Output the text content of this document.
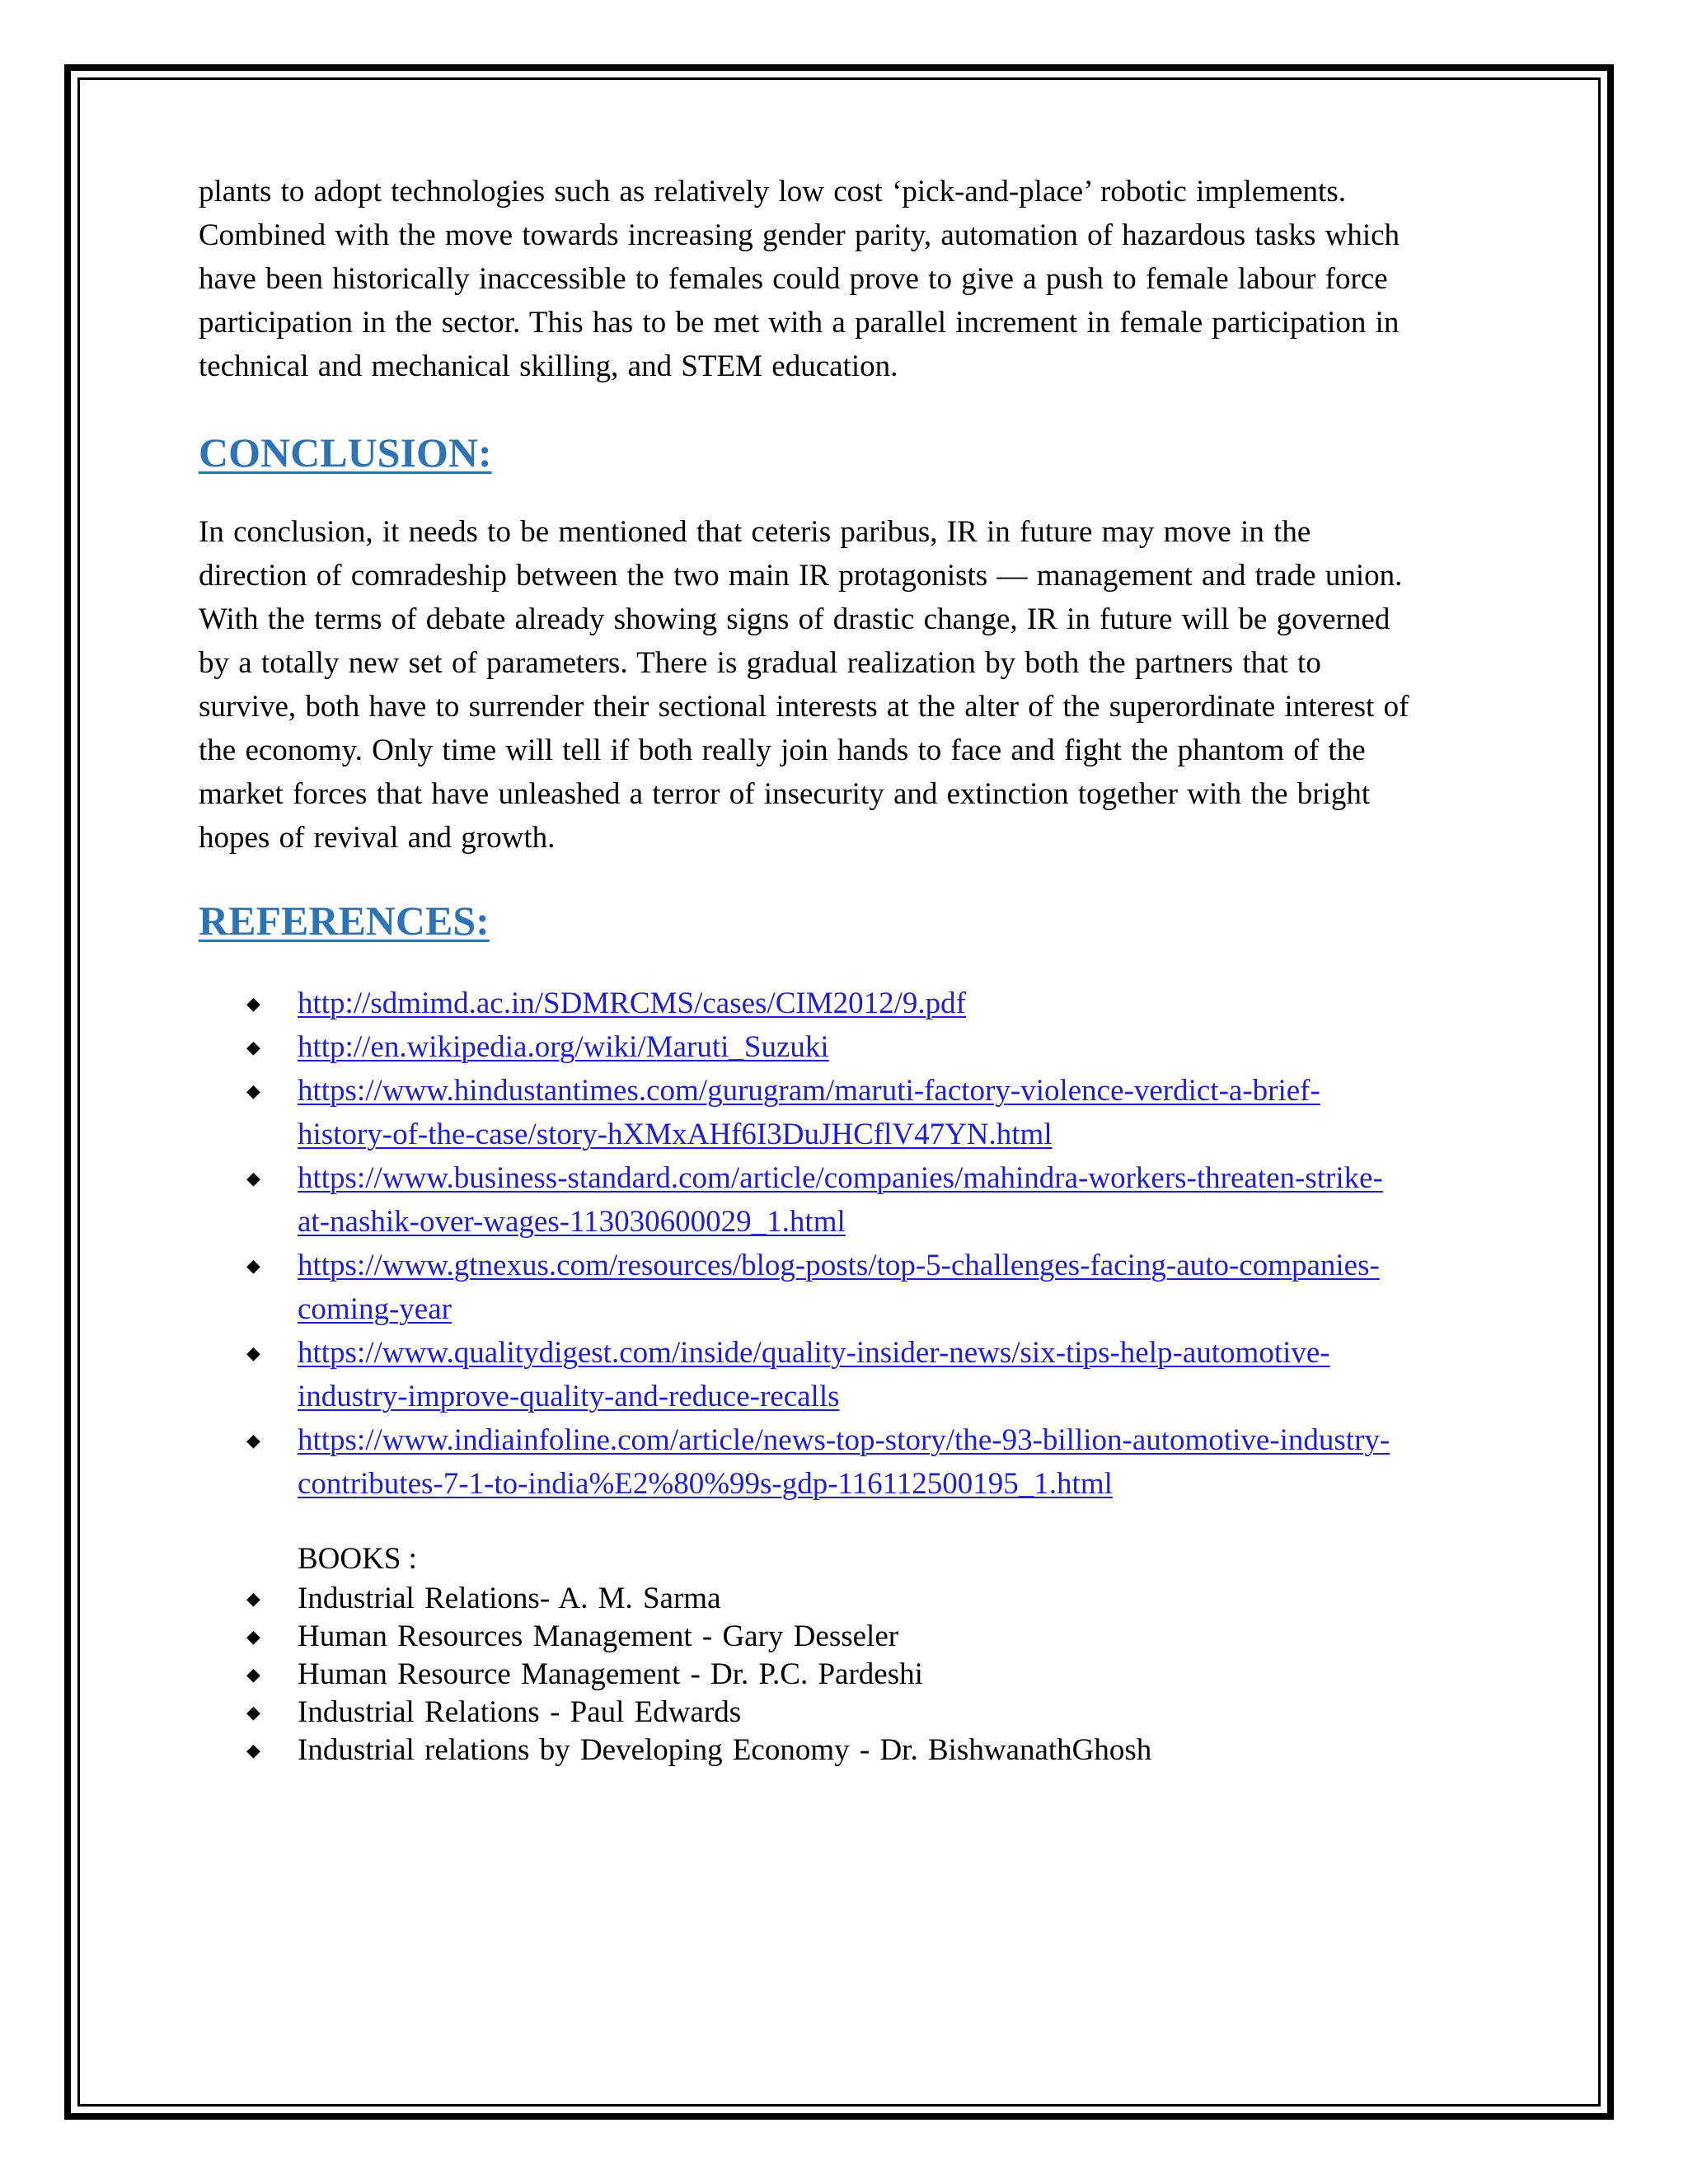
plants to adopt technologies such as relatively low cost ‘pick-and-place’ robotic implements.
Combined with the move towards increasing gender parity, automation of hazardous tasks which
have been historically inaccessible to females could prove to give a push to female labour force
participation in the sector. This has to be met with a parallel increment in female participation in
technical and mechanical skilling, and STEM education.

CONCLUSION:

In conclusion, it needs to be mentioned that ceteris paribus, IR in future may move in the
direction of comradeship between the two main IR protagonists — management and trade union.
With the terms of debate already showing signs of drastic change, IR in future will be governed
by a totally new set of parameters. There is gradual realization by both the partners that to
survive, both have to surrender their sectional interests at the alter of the superordinate interest of
the economy. Only time will tell if both really join hands to face and fight the phantom of the
market forces that have unleashed a terror of insecurity and extinction together with the bright
hopes of revival and growth.

REFERENCES:
◆ http://sdmimd.ac.in/SDMRCMS/cases/CIM2012/9.pdf
◆ http://en.wikipedia.org/wiki/Maruti_Suzuki
◆ https://www.hindustantimes.com/gurugram/maruti-factory-violence-verdict-a-brief-
history-of-the-case/story-hXMxAHf6I3DuJHCflV47YN.html
◆ https://www.business-standard.com/article/companies/mahindra-workers-threaten-strike-
at-nashik-over-wages-113030600029_1.html
◆ https://www.gtnexus.com/resources/blog-posts/top-5-challenges-facing-auto-companies-
coming-year
◆ https://www.qualitydigest.com/inside/quality-insider-news/six-tips-help-automotive-
industry-improve-quality-and-reduce-recalls
◆ https://www.indiainfoline.com/article/news-top-story/the-93-billion-automotive-industry-
contributes-7-1-to-india%E2%80%99s-gdp-116112500195_1.html
BOOKS :
◆ Industrial Relations- A. M. Sarma
◆ Human Resources Management - Gary Desseler
◆ Human Resource Management - Dr. P.C. Pardeshi
◆ Industrial Relations - Paul Edwards
◆ Industrial relations by Developing Economy - Dr. BishwanathGhosh
